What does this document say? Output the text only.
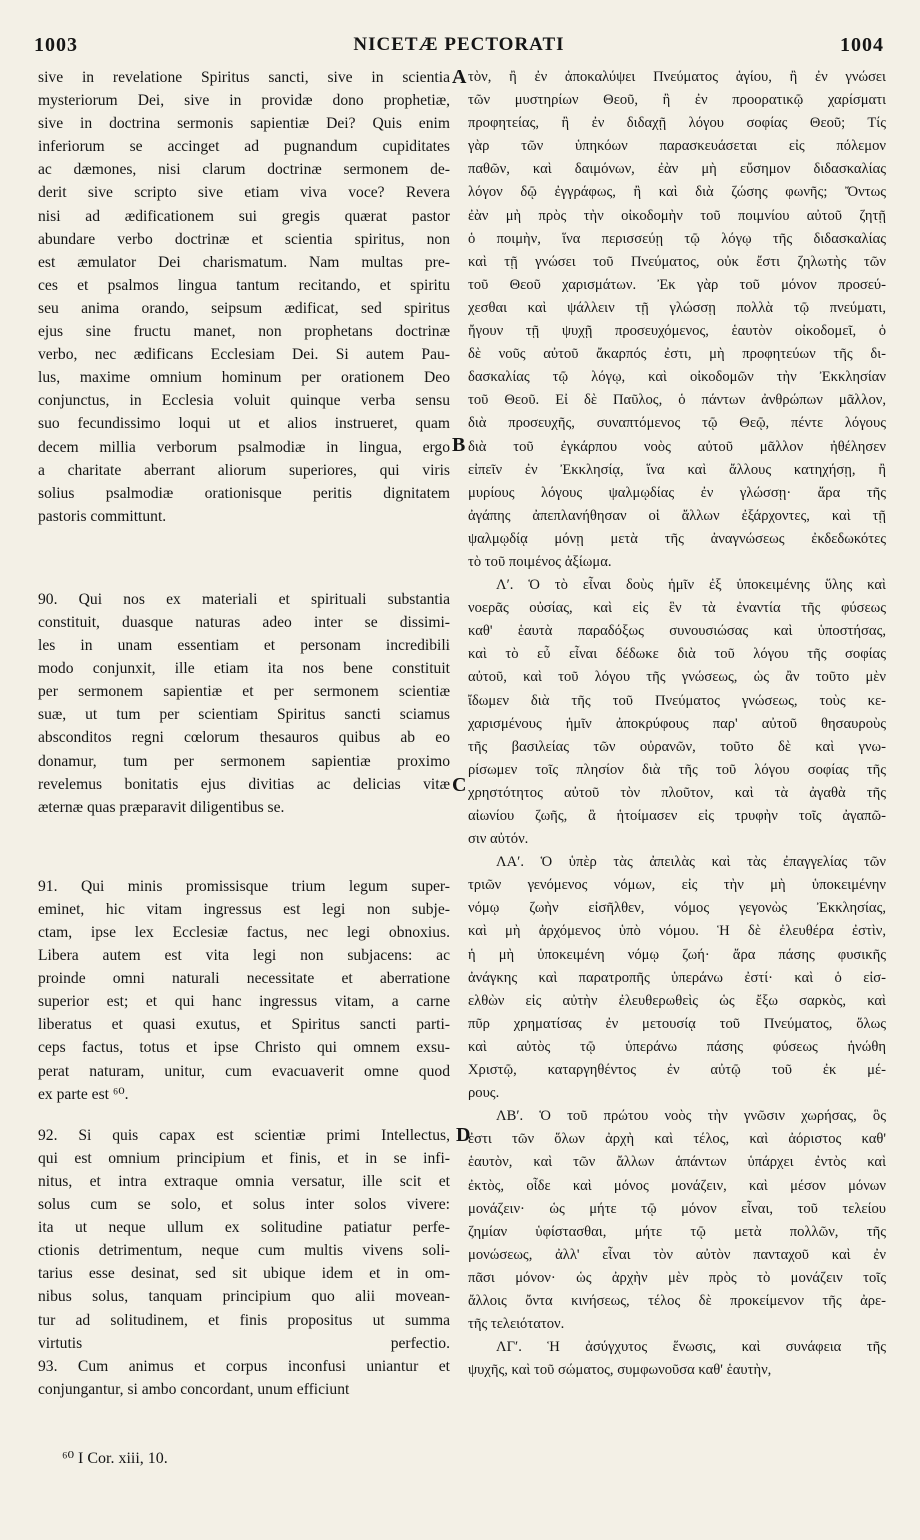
1003	NICETÆ PECTORATI	1004
sive in revelatione Spiritus sancti, sive in scientia
mysteriorum Dei, sive in providæ dono prophetiæ,
sive in doctrina sermonis sapientiæ Dei? Quis enim
inferiorum se accinget ad pugnandum cupiditates
ac dæmones, nisi clarum doctrinæ sermonem de-
derit sive scripto sive etiam viva voce? Revera
nisi ad ædificationem sui gregis quærat pastor
abundare verbo doctrinæ et scientia spiritus, non
est æmulator Dei charismatum. Nam multas pre-
ces et psalmos lingua tantum recitando, et spiritu
seu anima orando, seipsum ædificat, sed spiritus
ejus sine fructu manet, non prophetans doctrinæ
verbo, nec ædificans Ecclesiam Dei. Si autem Pau-
lus, maxime omnium hominum per orationem Deo
conjunctus, in Ecclesia voluit quinque verba sensu
suo fecundissimo loqui ut et alios instrueret, quam
decem millia verborum psalmodiæ in lingua, ergo
a charitate aberrant aliorum superiores, qui viris
solius psalmodiæ orationisque peritis dignitatem
pastoris committunt.
90. Qui nos ex materiali et spirituali substantia
constituit, duasque naturas adeo inter se dissimi-
les in unam essentiam et personam incredibili
modo conjunxit, ille etiam ita nos bene constituit
per sermonem sapientiæ et per sermonem scientiæ
suæ, ut tum per scientiam Spiritus sancti sciamus
absconditos regni cœlorum thesauros quibus ab eo
donamur, tum per sermonem sapientiæ proximo
revelemus bonitatis ejus divitias ac delicias vitæ
æternæ quas præparavit diligentibus se.
91. Qui minis promissisque trium legum super-
eminet, hic vitam ingressus est legi non subje-
ctam, ipse lex Ecclesiæ factus, nec legi obnoxius.
Libera autem est vita legi non subjacens: ac
proinde omni naturali necessitate et aberratione
superior est; et qui hanc ingressus vitam, a carne
liberatus et quasi exutus, et Spiritus sancti parti-
ceps factus, totus et ipse Christo qui omnem exsu-
perat naturam, unitur, cum evacuaverit omne quod
ex parte est ⁶⁰.
92. Si quis capax est scientiæ primi Intellectus,
qui est omnium principium et finis, et in se infi-
nitus, et intra extraque omnia versatur, ille scit et
solus cum se solo, et solus inter solos vivere:
ita ut neque ullum ex solitudine patiatur perfe-
ctionis detrimentum, neque cum multis vivens soli-
tarius esse desinat, sed sit ubique idem et in om-
nibus solus, tanquam principium quo alii movean-
tur ad solitudinem, et finis propositus ut summa
virtutis perfectio.
93. Cum animus et corpus inconfusi uniantur et
conjungantur, si ambo concordant, unum efficiunt
τὸν, ἢ ἐν ἀποκαλύψει Πνεύματος ἁγίου, ἢ ἐν γνώσει
τῶν μυστηρίων Θεοῦ, ἢ ἐν προορατικῷ χαρίσματι
προφητείας, ἢ ἐν διδαχῇ λόγου σοφίας Θεοῦ; Τίς
γὰρ τῶν ὑπηκόων παρασκευάσεται εἰς πόλεμον
παθῶν, καὶ δαιμόνων, ἐὰν μὴ εὔσημον διδασκαλίας
λόγον δῷ ἐγγράφως, ἢ καὶ διὰ ζώσης φωνῆς; Ὄντως
ἐὰν μὴ πρὸς τὴν οἰκοδομὴν τοῦ ποιμνίου αὐτοῦ ζητῇ
ὁ ποιμὴν, ἵνα περισσεύῃ τῷ λόγῳ τῆς διδασκαλίας
καὶ τῇ γνώσει τοῦ Πνεύματος, οὐκ ἔστι ζηλωτὴς τῶν
τοῦ Θεοῦ χαρισμάτων. Ἐκ γὰρ τοῦ μόνον προσεύ-
χεσθαι καὶ ψάλλειν τῇ γλώσσῃ πολλὰ τῷ πνεύματι,
ἤγουν τῇ ψυχῇ προσευχόμενος, ἑαυτὸν οἰκοδομεῖ, ὁ
δὲ νοῦς αὐτοῦ ἄκαρπός ἐστι, μὴ προφητεύων τῆς δι-
δασκαλίας τῷ λόγῳ, καὶ οἰκοδομῶν τὴν Ἐκκλησίαν
τοῦ Θεοῦ. Εἰ δὲ Παῦλος, ὁ πάντων ἀνθρώπων μᾶλλον,
διὰ προσευχῆς, συναπτόμενος τῷ Θεῷ, πέντε λόγους
διὰ τοῦ ἐγκάρπου νοὸς αὐτοῦ μᾶλλον ἠθέλησεν
εἰπεῖν ἐν Ἐκκλησίᾳ, ἵνα καὶ ἄλλους κατηχήσῃ, ἢ
μυρίους λόγους ψαλμῳδίας ἐν γλώσσῃ· ἄρα τῆς
ἀγάπης ἀπεπλανήθησαν οἱ ἄλλων ἐξάρχοντες, καὶ τῇ
ψαλμῳδίᾳ μόνῃ μετὰ τῆς ἀναγνώσεως ἐκδεδωκότες
τὸ τοῦ ποιμένος ἀξίωμα.
Λʹ. Ὁ τὸ εἶναι δοὺς ἡμῖν ἐξ ὑποκειμένης ὕλης καὶ
νοερᾶς οὐσίας, καὶ εἰς ἓν τὰ ἐναντία τῆς φύσεως
καθ' ἑαυτὰ παραδόξως συνουσιώσας καὶ ὑποστήσας,
καὶ τὸ εὖ εἶναι δέδωκε διὰ τοῦ λόγου τῆς σοφίας
αὐτοῦ, καὶ τοῦ λόγου τῆς γνώσεως, ὡς ἂν τοῦτο μὲν
ἴδωμεν διὰ τῆς τοῦ Πνεύματος γνώσεως, τοὺς κε-
χαρισμένους ἡμῖν ἀποκρύφους παρ' αὐτοῦ θησαυροὺς
τῆς βασιλείας τῶν οὐρανῶν, τοῦτο δὲ καὶ γνω-
ρίσωμεν τοῖς πλησίον διὰ τῆς τοῦ λόγου σοφίας τῆς
χρηστότητος αὐτοῦ τὸν πλοῦτον, καὶ τὰ ἀγαθὰ τῆς
αἰωνίου ζωῆς, ἃ ἡτοίμασεν εἰς τρυφὴν τοῖς ἀγαπῶ-
σιν αὐτόν.
ΛΑʹ. Ὁ ὑπὲρ τὰς ἀπειλὰς καὶ τὰς ἐπαγγελίας τῶν
τριῶν γενόμενος νόμων, εἰς τὴν μὴ ὑποκειμένην
νόμῳ ζωὴν εἰσῆλθεν, νόμος γεγονὼς Ἐκκλησίας,
καὶ μὴ ἀρχόμενος ὑπὸ νόμου. Ἡ δὲ ἐλευθέρα ἐστὶν,
ἡ μὴ ὑποκειμένη νόμῳ ζωή· ἄρα πάσης φυσικῆς
ἀνάγκης καὶ παρατροπῆς ὑπεράνω ἐστί· καὶ ὁ εἰσ-
ελθὼν εἰς αὐτὴν ἐλευθερωθεὶς ὡς ἔξω σαρκὸς, καὶ
πῦρ χρηματίσας ἐν μετουσίᾳ τοῦ Πνεύματος, ὅλως
καὶ αὐτὸς τῷ ὑπεράνω πάσης φύσεως ἡνώθη
Χριστῷ, καταργηθέντος ἐν αὐτῷ τοῦ ἐκ μέ-
ρους.
ΛΒʹ. Ὁ τοῦ πρώτου νοὸς τὴν γνῶσιν χωρήσας, ὃς
ἐστι τῶν ὅλων ἀρχὴ καὶ τέλος, καὶ ἀόριστος καθ'
ἑαυτὸν, καὶ τῶν ἄλλων ἁπάντων ὑπάρχει ἐντὸς καὶ
ἐκτὸς, οἶδε καὶ μόνος μονάζειν, καὶ μέσον μόνων
μονάζειν· ὡς μήτε τῷ μόνον εἶναι, τοῦ τελείου
ζημίαν ὑφίστασθαι, μήτε τῷ μετὰ πολλῶν, τῆς
μονώσεως, ἀλλ' εἶναι τὸν αὐτὸν πανταχοῦ καὶ ἐν
πᾶσι μόνον· ὡς ἀρχὴν μὲν πρὸς τὸ μονάζειν τοῖς
ἄλλοις ὄντα κινήσεως, τέλος δὲ προκείμενον τῆς ἀρε-
τῆς τελειότατον.
ΛΓʹ. Ἡ ἀσύγχυτος ἕνωσις, καὶ συνάφεια τῆς
ψυχῆς, καὶ τοῦ σώματος, συμφωνοῦσα καθ' ἑαυτὴν,
A
B
C
D
⁶⁰ I Cor. xiii, 10.
